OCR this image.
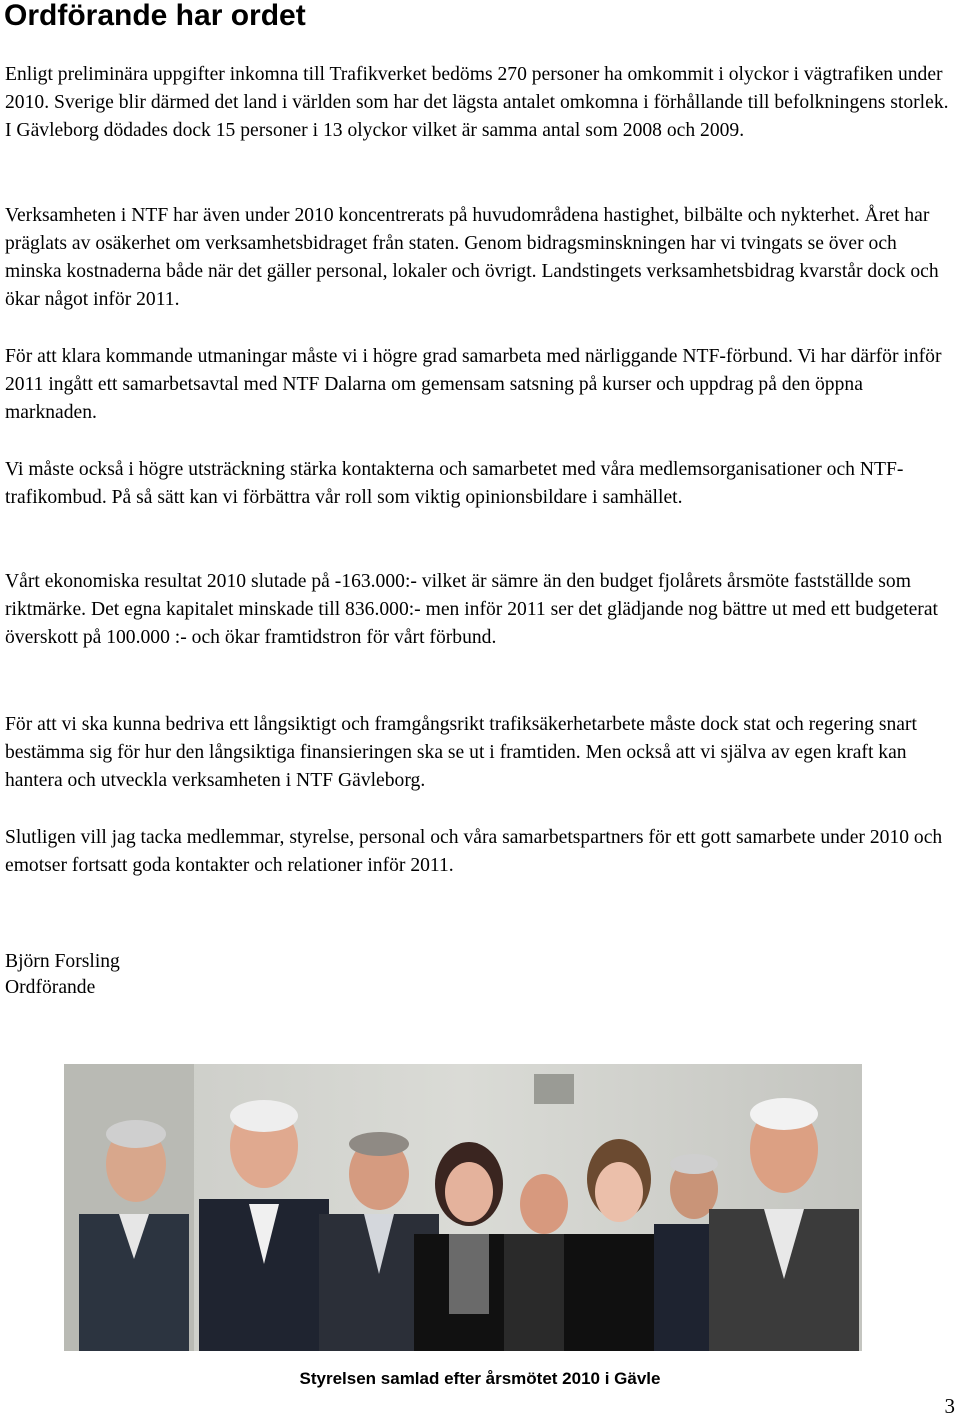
Ordförande har ordet

Enligt preliminära uppgifter inkomna till Trafikverket bedöms 270 personer ha omkommit i olyckor i vägtrafiken under 2010. Sverige blir därmed det land i världen som har det lägsta antalet omkomna i förhållande till befolkningens storlek. I Gävleborg dödades dock 15 personer i 13 olyckor vilket är samma antal som 2008 och 2009.

Verksamheten i NTF har även under 2010 koncentrerats på huvudområdena hastighet, bilbälte och nykterhet. Året har präglats av osäkerhet om verksamhetsbidraget från staten. Genom bidragsminskningen har vi tvingats se över och minska kostnaderna både när det gäller personal, lokaler och övrigt. Landstingets verksamhetsbidrag kvarstår dock och ökar något inför 2011.

För att klara kommande utmaningar måste vi i högre grad samarbeta med närliggande NTF-förbund. Vi har därför inför 2011 ingått ett samarbetsavtal med NTF Dalarna om gemensam satsning på kurser och uppdrag på den öppna marknaden.

Vi måste också i högre utsträckning stärka kontakterna och samarbetet med våra medlemsorganisationer och NTF-trafikombud. På så sätt kan vi förbättra vår roll som viktig opinionsbildare i samhället.

Vårt ekonomiska resultat 2010 slutade på -163.000:- vilket är sämre än den budget fjolårets årsmöte fastställde som riktmärke. Det egna kapitalet minskade till 836.000:- men inför 2011 ser det glädjande nog bättre ut med ett budgeterat överskott på 100.000 :- och ökar framtidstron för vårt förbund.

För att vi ska kunna bedriva ett långsiktigt och framgångsrikt trafiksäkerhetarbete måste dock stat och regering snart bestämma sig för hur den långsiktiga finansieringen ska se ut i framtiden. Men också att vi själva av egen kraft kan hantera och utveckla verksamheten i NTF Gävleborg.

Slutligen vill jag tacka medlemmar, styrelse, personal och våra samarbetspartners för ett gott samarbete under 2010 och emotser fortsatt goda kontakter och relationer inför 2011.

Björn Forsling

Ordförande

Styrelsen samlad efter årsmötet 2010 i Gävle

3
